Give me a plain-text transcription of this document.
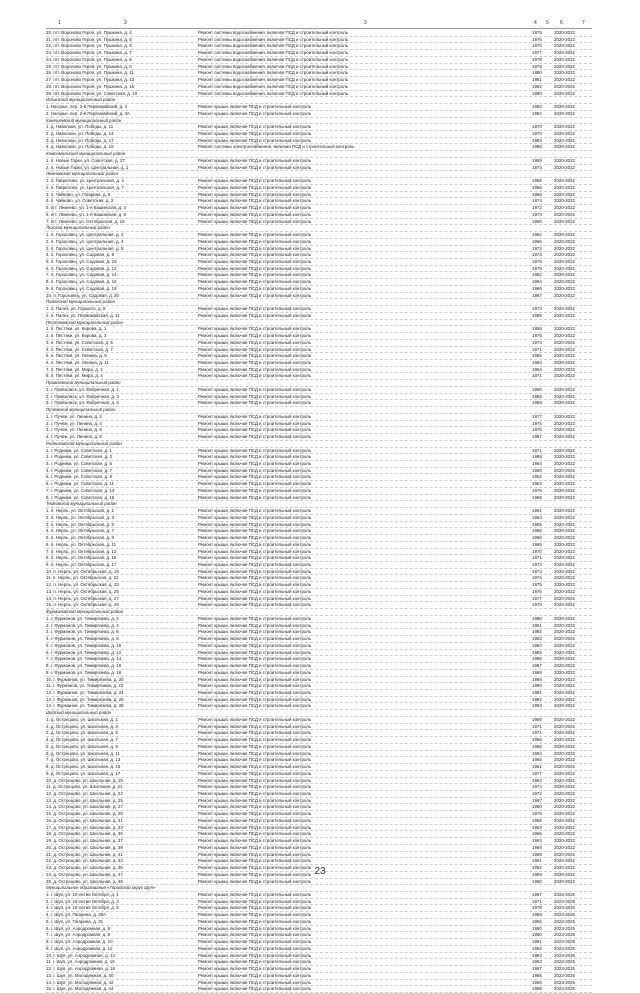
1	2	3	4 5 6	7
20. пгт. Вороново Героя, ул. Пушкина, д. 4	Ремонт системы водоснабжения, включая ПСД и строительный контроль	1975	2020-2022
21. пгт. Вороново Героя, ул. Пушкина, д. 5	Ремонт системы водоснабжения, включая ПСД и строительный контроль	1976	2020-2022
22. пгт. Вороново Героя, ул. Пушкина, д. 6	Ремонт системы водоснабжения, включая ПСД и строительный контроль	1976	2020-2022
23. пгт. Вороново Героя, ул. Пушкина, д. 7	Ремонт системы водоснабжения, включая ПСД и строительный контроль	1977	2020-2022
24. пгт. Вороново Героя, ул. Пушкина, д. 8	Ремонт системы водоснабжения, включая ПСД и строительный контроль	1978	2020-2022
25. пгт. Вороново Героя, ул. Пушкина, д. 9	Ремонт системы водоснабжения, включая ПСД и строительный контроль	1979	2020-2022
26. пгт. Вороново Героя, ул. Пушкина, д. 11	Ремонт системы водоснабжения, включая ПСД и строительный контроль	1980	2020-2022
27. пгт. Вороново Героя, ул. Пушкина, д. 13	Ремонт системы водоснабжения, включая ПСД и строительный контроль	1981	2020-2022
28. пгт. Вороново Героя, ул. Пушкина, д. 15	Ремонт системы водоснабжения, включая ПСД и строительный контроль	1982	2020-2022
29. пгт. Вороново Героя, ул. Советская, д. 10	Ремонт системы водоснабжения, включая ПСД и строительный контроль	1980	2020-2022
Ильинский муниципальный район
1. Нагорье, пер. 2-й Первомайский, д. 3	Ремонт крыши, включая ПСД и строительный контроль	1983	2020-2022
2. Нагорье, пер. 2-й Первомайский, д. 3А	Ремонт крыши, включая ПСД и строительный контроль	1984	2020-2022
Кинешемский муниципальный район
1. д. Наволоки, ул. Победы, д. 11	Ремонт крыши, включая ПСД и строительный контроль	1970	2020-2022
2. д. Наволоки, ул. Победы, д. 14	Ремонт крыши, включая ПСД и строительный контроль	1970	2020-2022
3. д. Наволоки, ул. Победы, д. 17	Ремонт крыши, включая ПСД и строительный контроль	1983	2020-2022
4. д. Наволоки, ул. Победы, д. 19	Ремонт системы электроснабжения, включая ПСД и строительный контроль	1985	2020-2022
Комсомольский муниципальный район
1. п. Новые Горки, ул. Советская, д. 27	Ремонт крыши, включая ПСД и строительный контроль	1969	2020-2022
2. п. Новые Горки, ул. Центральная, д. 1	Ремонт крыши, включая ПСД и строительный контроль	1973	2020-2022
Лежневский муниципальный район
1. п. Гаврилово, ул. Центральная, д. 4	Ремонт крыши, включая ПСД и строительный контроль	1968	2020-2022
2. п. Гаврилово, ул. Центральная, д. 7	Ремонт крыши, включая ПСД и строительный контроль	1966	2020-2022
3. п. Чайково, ул. Гагарина, д. 6	Ремонт крыши, включая ПСД и строительный контроль	1968	2020-2022
4. п. Чайково, ул. Советская, д. 2	Ремонт крыши, включая ПСД и строительный контроль	1974	2020-2022
5. пгт. Лежнево, ул. 1-я Кашинская, д. 3	Ремонт крыши, включая ПСД и строительный контроль	1972	2020-2022
6. пгт. Лежнево, ул. 1-я Кашинская, д. 9	Ремонт крыши, включая ПСД и строительный контроль	1973	2020-2022
7. пгт. Лежнево, ул. Октябрьская, д. 19	Ремонт крыши, включая ПСД и строительный контроль	1960	2020-2022
Лухский муниципальный район
1. п. Гороховец, ул. Центральная, д. 2	Ремонт крыши, включая ПСД и строительный контроль	1962	2020-2022
2. п. Гороховец, ул. Центральная, д. 4	Ремонт крыши, включая ПСД и строительный контроль	1966	2020-2022
3. п. Гороховец, ул. Центральная, д. 6	Ремонт крыши, включая ПСД и строительный контроль	1972	2020-2022
4. п. Гороховец, ул. Садовая, д. 8	Ремонт крыши, включая ПСД и строительный контроль	1973	2020-2022
5. п. Гороховец, ул. Садовая, д. 10	Ремонт крыши, включая ПСД и строительный контроль	1975	2020-2022
6. п. Гороховец, ул. Садовая, д. 12	Ремонт крыши, включая ПСД и строительный контроль	1979	2020-2022
7. п. Гороховец, ул. Садовая, д. 14	Ремонт крыши, включая ПСД и строительный контроль	1982	2020-2022
8. п. Гороховец, ул. Садовая, д. 16	Ремонт крыши, включая ПСД и строительный контроль	1984	2020-2022
9. п. Гороховец, ул. Садовая, д. 18	Ремонт крыши, включая ПСД и строительный контроль	1986	2020-2022
10. п. Гороховец, ул. Садовая, д. 20	Ремонт крыши, включая ПСД и строительный контроль	1987	2020-2022
Палехский муниципальный район
1. п. Палех, ул. Горького, д. 8	Ремонт крыши, включая ПСД и строительный контроль	1973	2020-2022
2. п. Палех, ул. Первомайская, д. 11	Ремонт крыши, включая ПСД и строительный контроль	1969	2020-2022
Пестяковский муниципальный район
1. п. Пестяки, ул. Кирова, д. 1	Ремонт крыши, включая ПСД и строительный контроль	1958	2020-2022
2. п. Пестяки, ул. Кирова, д. 3	Ремонт крыши, включая ПСД и строительный контроль	1976	2020-2022
3. п. Пестяки, ул. Советская, д. 5	Ремонт крыши, включая ПСД и строительный контроль	1974	2020-2022
4. п. Пестяки, ул. Советская, д. 7	Ремонт крыши, включая ПСД и строительный контроль	1971	2020-2022
5. п. Пестяки, ул. Ленина, д. 9	Ремонт крыши, включая ПСД и строительный контроль	1965	2020-2022
6. п. Пестяки, ул. Ленина, д. 11	Ремонт крыши, включая ПСД и строительный контроль	1964	2020-2022
7. п. Пестяки, ул. Мира, д. 2	Ремонт крыши, включая ПСД и строительный контроль	1964	2020-2022
8. п. Пестяки, ул. Мира, д. 4	Ремонт крыши, включая ПСД и строительный контроль	1971	2020-2022
Приволжский муниципальный район
1. г. Приволжск, ул. Фабричная, д. 1	Ремонт крыши, включая ПСД и строительный контроль	1960	2020-2022
2. г. Приволжск, ул. Фабричная, д. 3	Ремонт крыши, включая ПСД и строительный контроль	1956	2020-2022
3. г. Приволжск, ул. Фабричная, д. 5	Ремонт крыши, включая ПСД и строительный контроль	1959	2020-2022
Пучежский муниципальный район
1. г. Пучеж, ул. Ленина, д. 2	Ремонт крыши, включая ПСД и строительный контроль	1977	2020-2022
2. г. Пучеж, ул. Ленина, д. 4	Ремонт крыши, включая ПСД и строительный контроль	1975	2020-2022
3. г. Пучеж, ул. Ленина, д. 6	Ремонт крыши, включая ПСД и строительный контроль	1976	2020-2022
4. г. Пучеж, ул. Ленина, д. 8	Ремонт крыши, включая ПСД и строительный контроль	1987	2020-2022
Родниковский муниципальный район
1. г. Родники, ул. Советская, д. 1	Ремонт крыши, включая ПСД и строительный контроль	1971	2020-2022
2. г. Родники, ул. Советская, д. 3	Ремонт крыши, включая ПСД и строительный контроль	1988	2020-2022
3. г. Родники, ул. Советская, д. 5	Ремонт крыши, включая ПСД и строительный контроль	1964	2020-2022
4. г. Родники, ул. Советская, д. 7	Ремонт крыши, включая ПСД и строительный контроль	1960	2020-2022
5. г. Родники, ул. Советская, д. 9	Ремонт крыши, включая ПСД и строительный контроль	1962	2020-2022
6. г. Родники, ул. Советская, д. 11	Ремонт крыши, включая ПСД и строительный контроль	1963	2020-2022
7. г. Родники, ул. Советская, д. 13	Ремонт крыши, включая ПСД и строительный контроль	1976	2020-2022
8. г. Родники, ул. Советская, д. 15	Ремонт крыши, включая ПСД и строительный контроль	1968	2020-2022
Тейковский муниципальный район
1. п. Нерль, ул. Октябрьская, д. 1	Ремонт крыши, включая ПСД и строительный контроль	1961	2020-2022
2. п. Нерль, ул. Октябрьская, д. 3	Ремонт крыши, включая ПСД и строительный контроль	1963	2020-2022
3. п. Нерль, ул. Октябрьская, д. 5	Ремонт крыши, включая ПСД и строительный контроль	1965	2020-2022
4. п. Нерль, ул. Октябрьская, д. 7	Ремонт крыши, включая ПСД и строительный контроль	1966	2020-2022
5. п. Нерль, ул. Октябрьская, д. 9	Ремонт крыши, включая ПСД и строительный контроль	1968	2020-2022
6. п. Нерль, ул. Октябрьская, д. 11	Ремонт крыши, включая ПСД и строительный контроль	1969	2020-2022
7. п. Нерль, ул. Октябрьская, д. 13	Ремонт крыши, включая ПСД и строительный контроль	1970	2020-2022
8. п. Нерль, ул. Октябрьская, д. 15	Ремонт крыши, включая ПСД и строительный контроль	1971	2020-2022
9. п. Нерль, ул. Октябрьская, д. 17	Ремонт крыши, включая ПСД и строительный контроль	1972	2020-2022
10. п. Нерль, ул. Октябрьская, д. 19	Ремонт крыши, включая ПСД и строительный контроль	1973	2020-2022
11. п. Нерль, ул. Октябрьская, д. 21	Ремонт крыши, включая ПСД и строительный контроль	1974	2020-2022
12. п. Нерль, ул. Октябрьская, д. 23	Ремонт крыши, включая ПСД и строительный контроль	1975	2020-2022
13. п. Нерль, ул. Октябрьская, д. 25	Ремонт крыши, включая ПСД и строительный контроль	1976	2020-2022
14. п. Нерль, ул. Октябрьская, д. 27	Ремонт крыши, включая ПСД и строительный контроль	1977	2020-2022
15. п. Нерль, ул. Октябрьская, д. 29	Ремонт крыши, включая ПСД и строительный контроль	1978	2020-2022
Фурмановский муниципальный район
1. г. Фурманов, ул. Тимирязева, д. 2	Ремонт крыши, включая ПСД и строительный контроль	1980	2020-2022
2. г. Фурманов, ул. Тимирязева, д. 4	Ремонт крыши, включая ПСД и строительный контроль	1981	2020-2022
3. г. Фурманов, ул. Тимирязева, д. 6	Ремонт крыши, включая ПСД и строительный контроль	1982	2020-2022
4. г. Фурманов, ул. Тимирязева, д. 8	Ремонт крыши, включая ПСД и строительный контроль	1983	2020-2022
5. г. Фурманов, ул. Тимирязева, д. 10	Ремонт крыши, включая ПСД и строительный контроль	1984	2020-2022
6. г. Фурманов, ул. Тимирязева, д. 12	Ремонт крыши, включая ПСД и строительный контроль	1985	2020-2022
7. г. Фурманов, ул. Тимирязева, д. 14	Ремонт крыши, включая ПСД и строительный контроль	1986	2020-2022
8. г. Фурманов, ул. Тимирязева, д. 16	Ремонт крыши, включая ПСД и строительный контроль	1987	2020-2022
9. г. Фурманов, ул. Тимирязева, д. 18	Ремонт крыши, включая ПСД и строительный контроль	1988	2020-2022
10. г. Фурманов, ул. Тимирязева, д. 20	Ремонт крыши, включая ПСД и строительный контроль	1989	2020-2022
11. г. Фурманов, ул. Тимирязева, д. 22	Ремонт крыши, включая ПСД и строительный контроль	1990	2020-2022
12. г. Фурманов, ул. Тимирязева, д. 24	Ремонт крыши, включая ПСД и строительный контроль	1991	2020-2022
13. г. Фурманов, ул. Тимирязева, д. 26	Ремонт крыши, включая ПСД и строительный контроль	1992	2020-2022
14. г. Фурманов, ул. Тимирязева, д. 28	Ремонт крыши, включая ПСД и строительный контроль	1993	2020-2022
Шуйский муниципальный район
1. д. Острецово, ул. Школьная, д. 1	Ремонт крыши, включая ПСД и строительный контроль	1969	2020-2022
2. д. Острецово, ул. Школьная, д. 3	Ремонт крыши, включая ПСД и строительный контроль	1971	2020-2022
3. д. Острецово, ул. Школьная, д. 5	Ремонт крыши, включая ПСД и строительный контроль	1971	2020-2022
4. д. Острецово, ул. Школьная, д. 7	Ремонт крыши, включая ПСД и строительный контроль	1966	2020-2022
5. д. Острецово, ул. Школьная, д. 9	Ремонт крыши, включая ПСД и строительный контроль	1966	2020-2022
6. д. Острецово, ул. Школьная, д. 11	Ремонт крыши, включая ПСД и строительный контроль	1964	2020-2022
7. д. Острецово, ул. Школьная, д. 13	Ремонт крыши, включая ПСД и строительный контроль	1965	2020-2022
8. д. Острецово, ул. Школьная, д. 15	Ремонт крыши, включая ПСД и строительный контроль	1961	2020-2022
9. д. Острецово, ул. Школьная, д. 17	Ремонт крыши, включая ПСД и строительный контроль	1977	2020-2022
10. д. Острецово, ул. Школьная, д. 19	Ремонт крыши, включая ПСД и строительный контроль	1963	2020-2022
11. д. Острецово, ул. Школьная, д. 21	Ремонт крыши, включая ПСД и строительный контроль	1974	2020-2022
12. д. Острецово, ул. Школьная, д. 23	Ремонт крыши, включая ПСД и строительный контроль	1972	2020-2022
13. д. Острецово, ул. Школьная, д. 25	Ремонт крыши, включая ПСД и строительный контроль	1967	2020-2022
14. д. Острецово, ул. Школьная, д. 27	Ремонт крыши, включая ПСД и строительный контроль	1960	2020-2022
15. д. Острецово, ул. Школьная, д. 29	Ремонт крыши, включая ПСД и строительный контроль	1975	2020-2022
16. д. Острецово, ул. Школьная, д. 31	Ремонт крыши, включая ПСД и строительный контроль	1968	2020-2022
17. д. Острецово, ул. Школьная, д. 33	Ремонт крыши, включая ПСД и строительный контроль	1963	2020-2022
18. д. Острецово, ул. Школьная, д. 35	Ремонт крыши, включая ПСД и строительный контроль	1966	2020-2022
19. д. Острецово, ул. Школьная, д. 37	Ремонт крыши, включая ПСД и строительный контроль	1963	2020-2022
20. д. Острецово, ул. Школьная, д. 39	Ремонт крыши, включая ПСД и строительный контроль	1969	2020-2022
21. д. Острецово, ул. Школьная, д. 41	Ремонт крыши, включая ПСД и строительный контроль	1969	2020-2022
22. д. Острецово, ул. Школьная, д. 43	Ремонт крыши, включая ПСД и строительный контроль	1961	2020-2022
23. д. Острецово, ул. Школьная, д. 45	Ремонт крыши, включая ПСД и строительный контроль	1962	2020-2022
24. д. Острецово, ул. Школьная, д. 47	Ремонт крыши, включая ПСД и строительный контроль	1969	2020-2022
25. д. Острецово, ул. Школьная, д. 49	Ремонт крыши, включая ПСД и строительный контроль	1960	2020-2022
Муниципальное образование «Городской округ Шуя»
1. г. Шуя, ул. 10-летия Октября, д. 1	Ремонт крыши, включая ПСД и строительный контроль	1967	2023-2025
2. г. Шуя, ул. 10-летия Октября, д. 3	Ремонт крыши, включая ПСД и строительный контроль	1971	2023-2025
3. г. Шуя, ул. 10-летия Октября, д. 5	Ремонт крыши, включая ПСД и строительный контроль	1978	2023-2025
4. г. Шуя, ул. Гагарина, д. 29А	Ремонт крыши, включая ПСД и строительный контроль	1959	2023-2025
5. г. Шуя, ул. Гагарина, д. 31	Ремонт крыши, включая ПСД и строительный контроль	1956	2023-2025
6. г. Шуя, ул. Аэродромная, д. 6	Ремонт крыши, включая ПСД и строительный контроль	1990	2023-2025
7. г. Шуя, ул. Аэродромная, д. 8	Ремонт крыши, включая ПСД и строительный контроль	1990	2023-2025
8. г. Шуя, ул. Аэродромная, д. 10	Ремонт крыши, включая ПСД и строительный контроль	1991	2023-2025
9. г. Шуя, ул. Аэродромная, д. 12	Ремонт крыши, включая ПСД и строительный контроль	1992	2023-2025
10. г. Шуя, ул. Аэродромная, д. 14	Ремонт крыши, включая ПСД и строительный контроль	1993	2023-2025
11. г. Шуя, ул. Аэродромная, д. 16	Ремонт крыши, включая ПСД и строительный контроль	1963	2023-2025
12. г. Шуя, ул. Аэродромная, д. 18	Ремонт крыши, включая ПСД и строительный контроль	1967	2023-2025
13. г. Шуя, ул. Молодёжная, д. 40	Ремонт крыши, включая ПСД и строительный контроль	1966	2023-2025
14. г. Шуя, ул. Молодёжная, д. 42	Ремонт крыши, включая ПСД и строительный контроль	1966	2023-2025
15. г. Шуя, ул. Молодёжная, д. 44	Ремонт крыши, включая ПСД и строительный контроль	1999	2023-2025
23
